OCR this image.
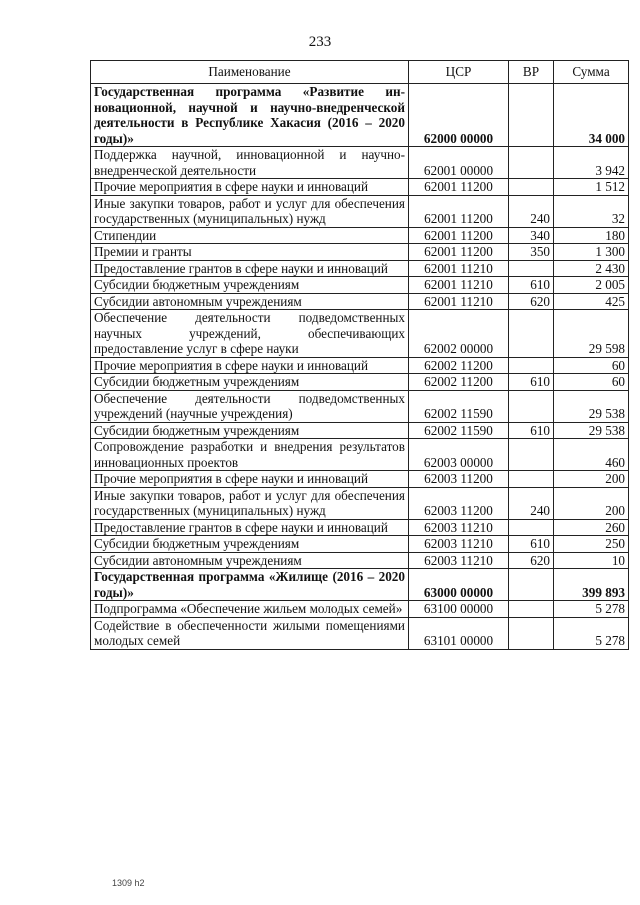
233
Паименование	ЦСР	ВР	Сумма
Государственная программа «Развитие инновационной, научной и научно-внедренческой деятельности в Республике Хакасия (2016 – 2020 годы)»	62000 00000		34 000
Поддержка научной, инновационной и научно-внедренческой деятельности	62001 00000		3 942
Прочие мероприятия в сфере науки и инноваций	62001 11200		1 512
Иные закупки товаров, работ и услуг для обеспечения государственных (муниципальных) нужд	62001 11200	240	32
Стипендии	62001 11200	340	180
Премии и гранты	62001 11200	350	1 300
Предоставление грантов в сфере науки и инноваций	62001 11210		2 430
Субсидии бюджетным учреждениям	62001 11210	610	2 005
Субсидии автономным учреждениям	62001 11210	620	425
Обеспечение деятельности подведомственных научных учреждений, обеспечивающих предоставление услуг в сфере науки	62002 00000		29 598
Прочие мероприятия в сфере науки и инноваций	62002 11200		60
Субсидии бюджетным учреждениям	62002 11200	610	60
Обеспечение деятельности подведомственных учреждений (научные учреждения)	62002 11590		29 538
Субсидии бюджетным учреждениям	62002 11590	610	29 538
Сопровождение разработки и внедрения результатов инновационных проектов	62003 00000		460
Прочие мероприятия в сфере науки и инноваций	62003 11200		200
Иные закупки товаров, работ и услуг для обеспечения государственных (муниципальных) нужд	62003 11200	240	200
Предоставление грантов в сфере науки и инноваций	62003 11210		260
Субсидии бюджетным учреждениям	62003 11210	610	250
Субсидии автономным учреждениям	62003 11210	620	10
Государственная программа «Жилище (2016 – 2020 годы)»	63000 00000		399 893
Подпрограмма «Обеспечение жильем молодых семей»	63100 00000		5 278
Содействие в обеспеченности жилыми помещениями молодых семей	63101 00000		5 278
1309 h2
